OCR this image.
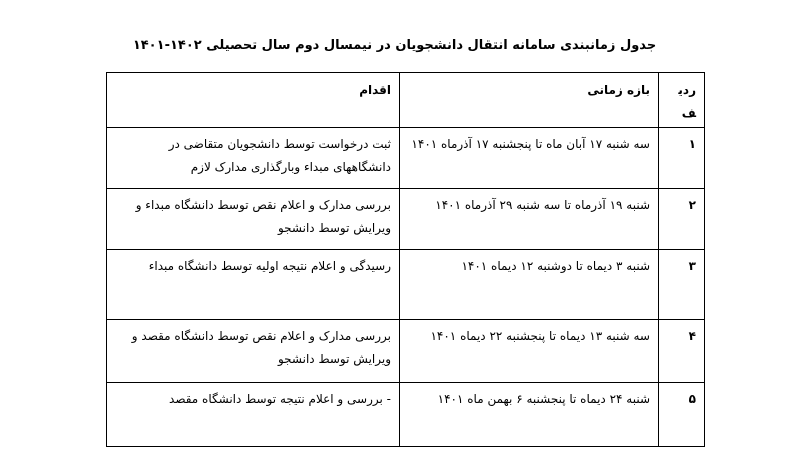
جدول زمانبندی سامانه انتقال دانشجویان در نیمسال دوم سال تحصیلی ۱۴۰۲-۱۴۰۱
ردیف	بازه زمانی	اقدام
۱	سه شنبه ۱۷ آبان ماه تا پنجشنبه ۱۷ آذرماه ۱۴۰۱	ثبت درخواست توسط دانشجویان متقاضی در دانشگاههای مبداء وبارگذاری مدارک لازم
۲	شنبه ۱۹ آذرماه تا سه شنبه ۲۹ آذرماه ۱۴۰۱	بررسی مدارک و اعلام نقص توسط دانشگاه مبداء و ویرایش توسط دانشجو
۳	شنبه ۳ دیماه تا دوشنبه ۱۲ دیماه ۱۴۰۱	رسیدگی و اعلام نتیجه اولیه توسط دانشگاه مبداء
۴	سه شنبه ۱۳ دیماه تا پنجشنبه ۲۲ دیماه ۱۴۰۱	بررسی مدارک و اعلام نقص توسط دانشگاه مقصد و ویرایش توسط دانشجو
۵	شنبه ۲۴ دیماه تا پنجشنبه ۶ بهمن ماه ۱۴۰۱	- بررسی و اعلام نتیجه توسط دانشگاه مقصد
